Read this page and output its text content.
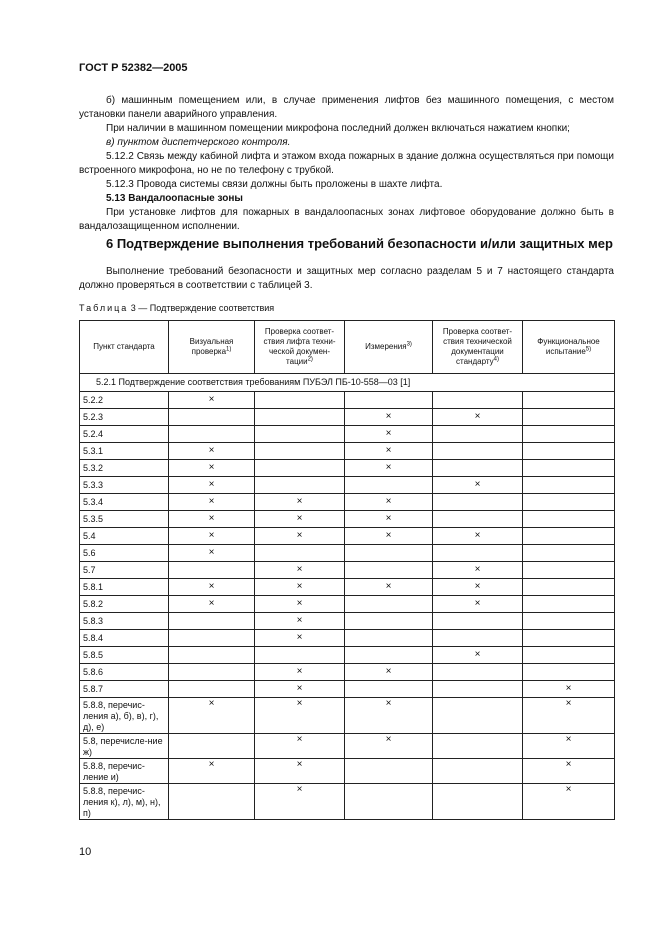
ГОСТ Р 52382—2005

б) машинным помещением или, в случае применения лифтов без машинного помещения, с местом установки панели аварийного управления.

При наличии в машинном помещении микрофона последний должен включаться нажатием кнопки;

в) пунктом диспетчерского контроля.

5.12.2 Связь между кабиной лифта и этажом входа пожарных в здание должна осуществляться при помощи встроенного микрофона, но не по телефону с трубкой.

5.12.3 Провода системы связи должны быть проложены в шахте лифта.

5.13 Вандалоопасные зоны

При установке лифтов для пожарных в вандалоопасных зонах лифтовое оборудование должно быть в вандалозащищенном исполнении.

6 Подтверждение выполнения требований безопасности и/или защитных мер

Выполнение требований безопасности и защитных мер согласно разделам 5 и 7 настоящего стандарта должно проверяться в соответствии с таблицей 3.

Таблица 3 — Подтверждение соответствия
Пункт стандарта	Визуальная проверка$^{1)}$	Проверка соответ-ствия лифта техни-ческой докумен-тации$^{2)}$	Измерения$^{3)}$	Проверка соответ-ствия технической документации стандарту$^{4)}$	Функциональное испытание$^{5)}$
5.2.1 Подтверждение соответствия требованиям ПУБЭЛ ПБ-10-558—03 [1]					
5.2.2	×				
5.2.3			×	×	
5.2.4			×		
5.3.1	×		×		
5.3.2	×		×		
5.3.3	×			×	
5.3.4	×	×	×		
5.3.5	×	×	×		
5.4	×	×	×	×	
5.6	×				
5.7		×		×	
5.8.1	×	×	×	×	
5.8.2	×	×		×	
5.8.3		×			
5.8.4		×			
5.8.5				×	
5.8.6		×	×		
5.8.7		×			×
5.8.8, перечис-ления а), б), в), г), д), е)	×	×	×		×
5.8, перечисле-ние ж)		×	×		×
5.8.8, перечис-ление и)	×	×			×
5.8.8, перечис-ления к), л), м), н), п)		×			×
10
